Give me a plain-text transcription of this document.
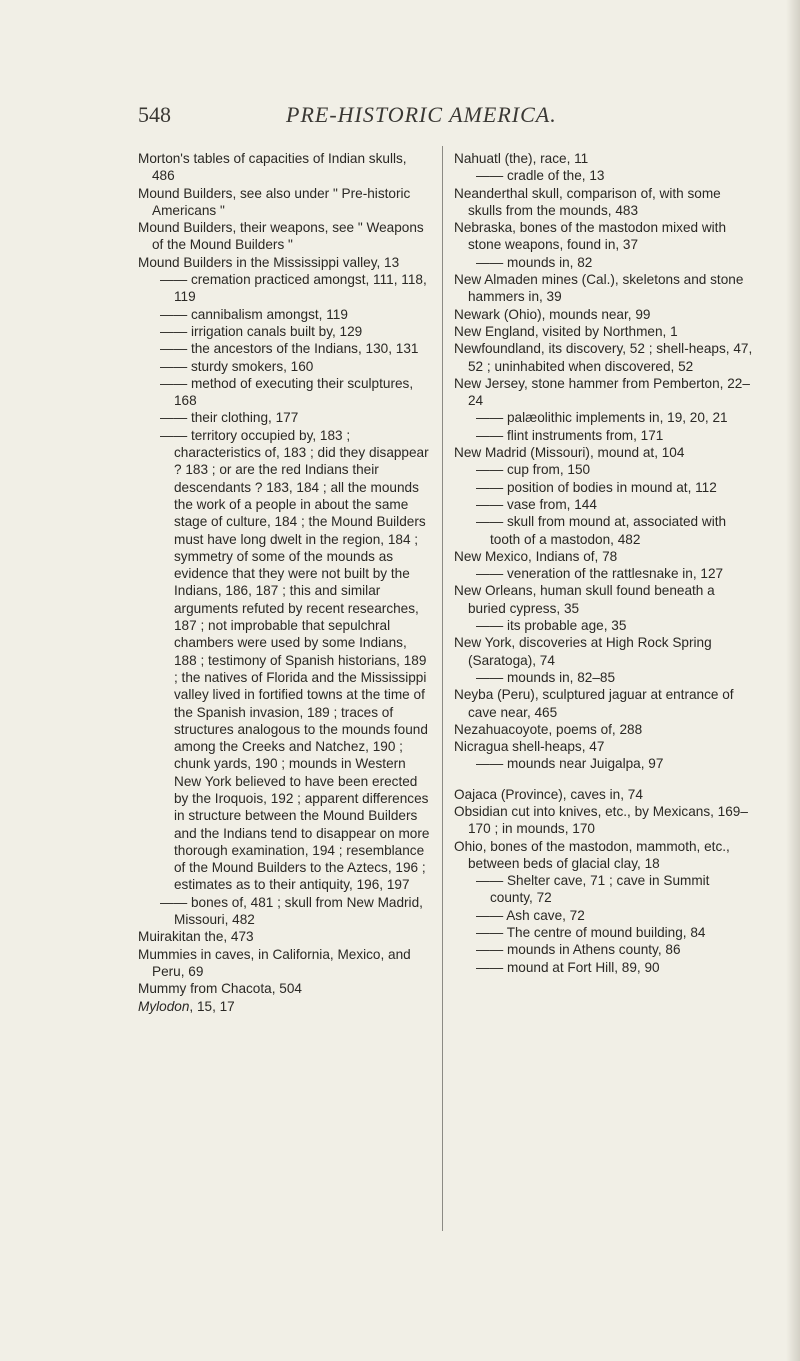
548	PRE-HISTORIC AMERICA.
Morton's tables of capacities of Indian skulls, 486
Mound Builders, see also under " Pre-historic Americans "
Mound Builders, their weapons, see " Weapons of the Mound Builders "
Mound Builders in the Mississippi valley, 13
—— cremation practiced amongst, 111, 118, 119
—— cannibalism amongst, 119
—— irrigation canals built by, 129
—— the ancestors of the Indians, 130, 131
—— sturdy smokers, 160
—— method of executing their sculptures, 168
—— their clothing, 177
—— territory occupied by, 183 ; characteristics of, 183 ; did they disappear ? 183 ; or are the red Indians their descendants ? 183, 184 ; all the mounds the work of a people in about the same stage of culture, 184 ; the Mound Builders must have long dwelt in the region, 184 ; symmetry of some of the mounds as evidence that they were not built by the Indians, 186, 187 ; this and similar arguments refuted by recent researches, 187 ; not improbable that sepulchral chambers were used by some Indians, 188 ; testimony of Spanish historians, 189 ; the natives of Florida and the Mississippi valley lived in fortified towns at the time of the Spanish invasion, 189 ; traces of structures analogous to the mounds found among the Creeks and Natchez, 190 ; chunk yards, 190 ; mounds in Western New York believed to have been erected by the Iroquois, 192 ; apparent differences in structure between the Mound Builders and the Indians tend to disappear on more thorough examination, 194 ; resemblance of the Mound Builders to the Aztecs, 196 ; estimates as to their antiquity, 196, 197
—— bones of, 481 ; skull from New Madrid, Missouri, 482
Muirakitan the, 473
Mummies in caves, in California, Mexico, and Peru, 69
Mummy from Chacota, 504
Mylodon, 15, 17
Nahuatl (the), race, 11
—— cradle of the, 13
Neanderthal skull, comparison of, with some skulls from the mounds, 483
Nebraska, bones of the mastodon mixed with stone weapons, found in, 37
—— mounds in, 82
New Almaden mines (Cal.), skeletons and stone hammers in, 39
Newark (Ohio), mounds near, 99
New England, visited by Northmen, 1
Newfoundland, its discovery, 52 ; shell-heaps, 47, 52 ; uninhabited when discovered, 52
New Jersey, stone hammer from Pemberton, 22–24
—— palæolithic implements in, 19, 20, 21
—— flint instruments from, 171
New Madrid (Missouri), mound at, 104
—— cup from, 150
—— position of bodies in mound at, 112
—— vase from, 144
—— skull from mound at, associated with tooth of a mastodon, 482
New Mexico, Indians of, 78
—— veneration of the rattlesnake in, 127
New Orleans, human skull found beneath a buried cypress, 35
—— its probable age, 35
New York, discoveries at High Rock Spring (Saratoga), 74
—— mounds in, 82–85
Neyba (Peru), sculptured jaguar at entrance of cave near, 465
Nezahuacoyote, poems of, 288
Nicragua shell-heaps, 47
—— mounds near Juigalpa, 97
Oajaca (Province), caves in, 74
Obsidian cut into knives, etc., by Mexicans, 169–170 ; in mounds, 170
Ohio, bones of the mastodon, mammoth, etc., between beds of glacial clay, 18
—— Shelter cave, 71 ; cave in Summit county, 72
—— Ash cave, 72
—— The centre of mound building, 84
—— mounds in Athens county, 86
—— mound at Fort Hill, 89, 90
